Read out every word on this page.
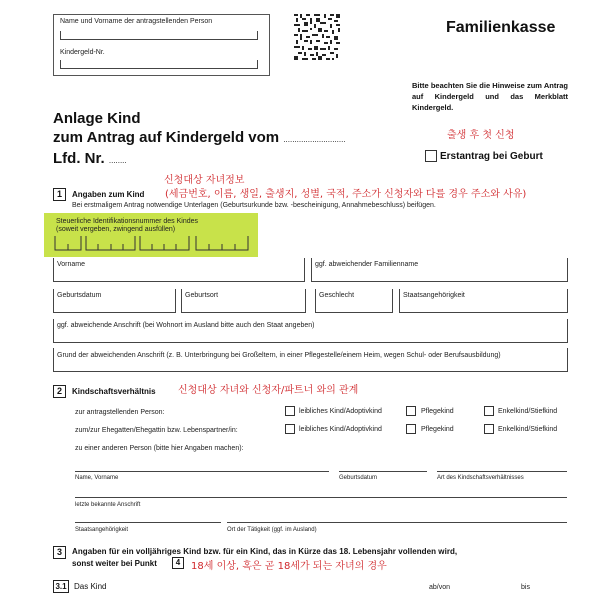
Name und Vorname der antragstellenden Person
Kindergeld-Nr.
Familienkasse
Bitte beachten Sie die Hinweise zum Antrag auf Kindergeld und das Merkblatt Kindergeld.
Anlage Kind
zum Antrag auf Kindergeld vom ............................
Lfd. Nr. ........
출생 후 첫 신청
Erstantrag bei Geburt
신청대상 자녀정보
1	Angaben zum Kind (세금번호, 이름, 생일, 출생지, 성별, 국적, 주소가 신청자와 다를 경우 주소와 사유)
Bei erstmaligem Antrag notwendige Unterlagen (Geburtsurkunde bzw. -bescheinigung, Annahmebeschluss) beifügen.
Steuerliche Identifikationsnummer des Kindes
(soweit vergeben, zwingend ausfüllen)
Vorname	ggf. abweichender Familienname
Geburtsdatum	Geburtsort	Geschlecht	Staatsangehörigkeit
ggf. abweichende Anschrift (bei Wohnort im Ausland bitte auch den Staat angeben)
Grund der abweichenden Anschrift (z. B. Unterbringung bei Großeltern, in einer Pflegestelle/einem Heim, wegen Schul- oder Berufsausbildung)
2	Kindschaftsverhältnis 신청대상 자녀와 신청자/파트너 와의 관계
zur antragstellenden Person:	leibliches Kind/Adoptivkind	Pflegekind	Enkelkind/Stiefkind
zum/zur Ehegatten/Ehegattin bzw. Lebenspartner/in:	leibliches Kind/Adoptivkind	Pflegekind	Enkelkind/Stiefkind
zu einer anderen Person (bitte hier Angaben machen):
Name, Vorname	Geburtsdatum	Art des Kindschaftsverhältnisses
letzte bekannte Anschrift
Staatsangehörigkeit	Ort der Tätigkeit (ggf. im Ausland)
3	Angaben für ein volljähriges Kind bzw. für ein Kind, das in Kürze das 18. Lebensjahr vollenden wird,
sonst weiter bei Punkt	4	18세 이상, 혹은 곧 18세가 되는 자녀의 경우
3.1 Das Kind	ab/von	bis
